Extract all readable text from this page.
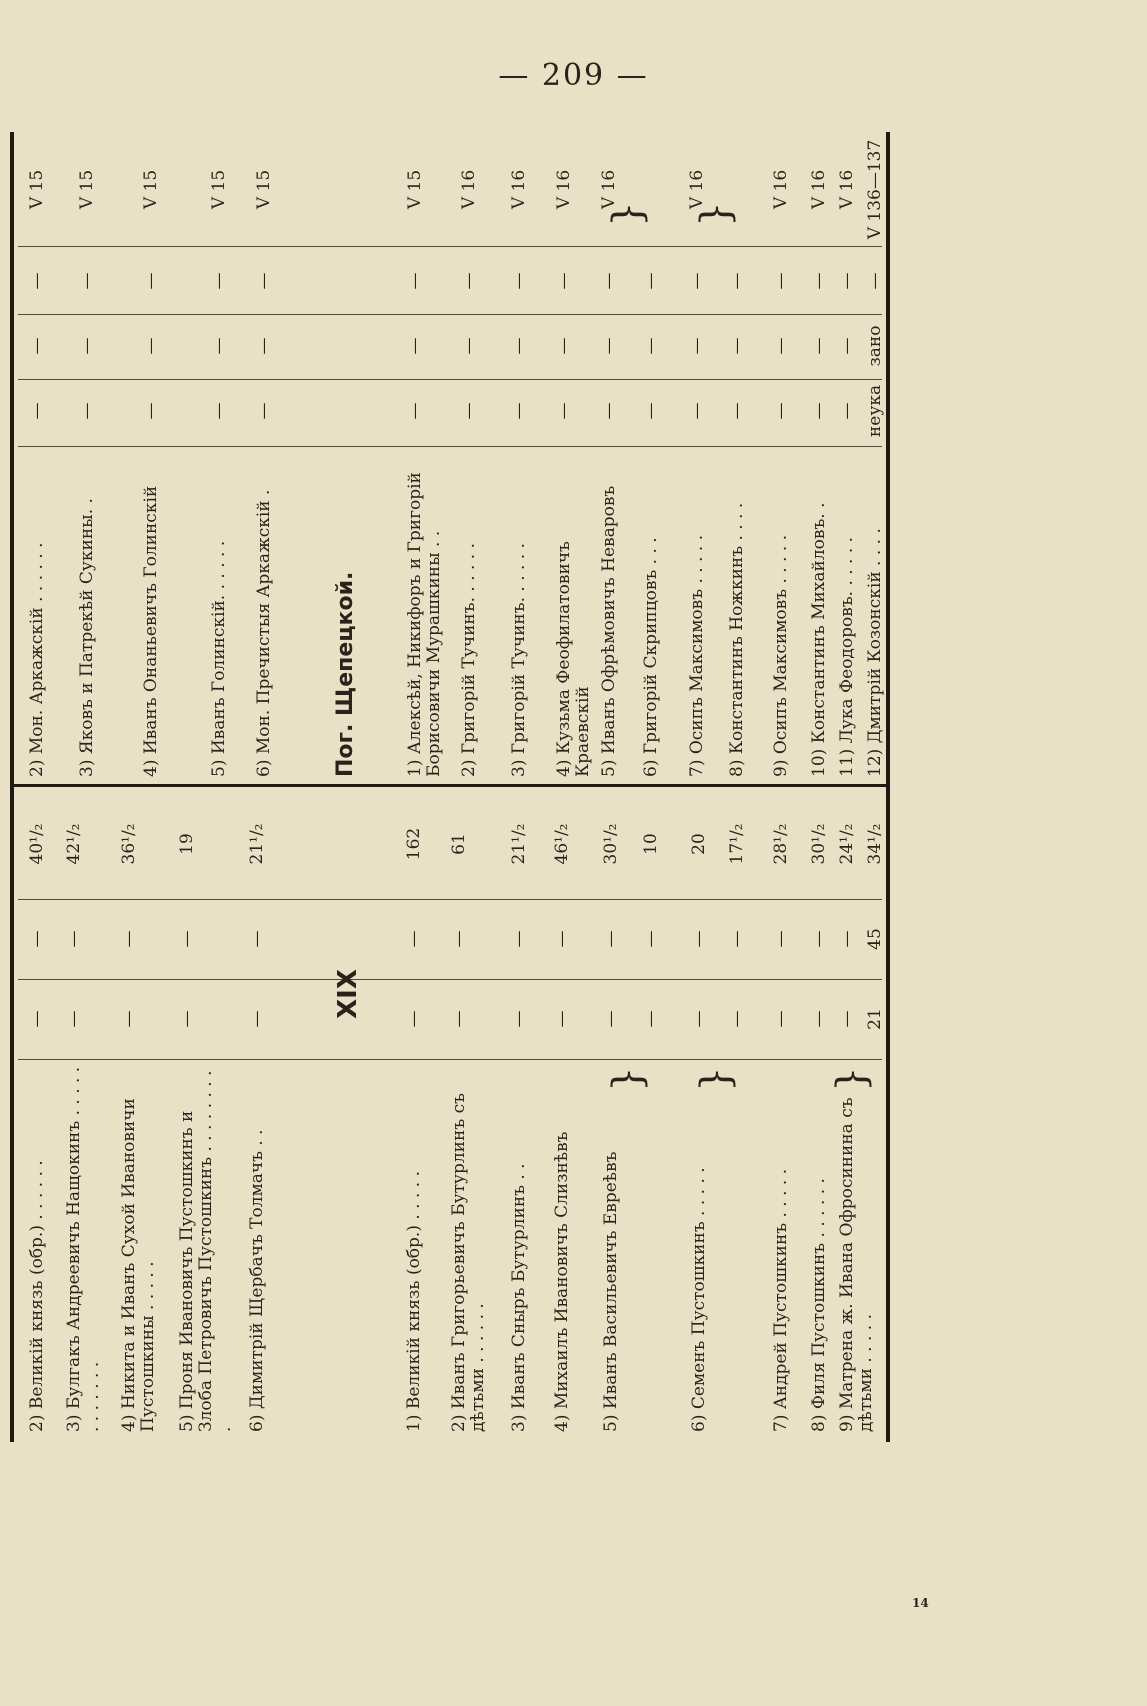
— 209 —
XIX
2) Великій князь (обр.) . . . . . .
—
—
40¹/₂
3) Булгакъ Андреевичъ Нащокинъ . . . . . . . . . . . .
—
—
42¹/₂
4) Никита и Иванъ Сухой Ивановичи Пустошкины . . . . .
—
—
36¹/₂
5) Проня Ивановичъ Пустошкинъ и Злоба Петровичъ Пустошкинъ . . . . . . . . .
—
—
19
6) Димитрій Щербачъ Толмачъ . .
—
—
21¹/₂
1) Великій князь (обр.) . . . . .
—
—
162
2) Иванъ Григорьевичъ Бутурлинъ съ дѣтьми . . . . . .
—
—
61
3) Иванъ Сныръ Бутурлинъ . .
—
—
21¹/₂
4) Михаилъ Ивановичъ Слизнѣвъ
—
—
46¹/₂
5) Иванъ Васильевичъ Евреѣвъ
—
—
30¹/₂
—
—
10
6) Семенъ Пустошкинъ . . . . .
—
—
20
—
—
17¹/₂
7) Андрей Пустошкинъ . . . . .
—
—
28¹/₂
8) Филя Пустошкинъ . . . . . .
—
—
30¹/₂
9) Матрена ж. Ивана Офросинина съ дѣтьми . . . . .
—
—
24¹/₂
21
45
34¹/₂
} } }
Пог. Щепецкой.
2) Мон. Аркажскій . . . . . .
—
—
—
V 15
3) Яковъ и Патрекѣй Сукины. .
—
—
—
V 15
4) Иванъ Онаньевичъ Голинскій
—
—
—
V 15
5) Иванъ Голинскій. . . . . .
—
—
—
V 15
6) Мон. Пречистыя Аркажскій .
—
—
—
V 15
1) Алексѣй, Никифоръ и Григорій Борисовичи Мурашкины . .
—
—
—
V 15
2) Григорій Тучинъ. . . . . .
—
—
—
V 16
3) Григорій Тучинъ. . . . . .
—
—
—
V 16
4) Кузьма Феофилатовичъ Краевскій
—
—
—
V 16
5) Иванъ Офрѣмовичъ Неваровъ
—
—
—
V 16
6) Григорій Скрипцовъ . . .
—
—
—
7) Осипъ Максимовъ . . . . .
—
—
—
V 16
8) Константинъ Ножкинъ . . . .
—
—
—
9) Осипъ Максимовъ . . . . .
—
—
—
V 16
10) Константинъ Михайловъ. .
—
—
—
V 16
11) Лука Феодоровъ. . . . . .
—
—
—
V 16
12) Дмитрій Козонскій . . . .
неука
зано
—
V 136—137
} }
14
